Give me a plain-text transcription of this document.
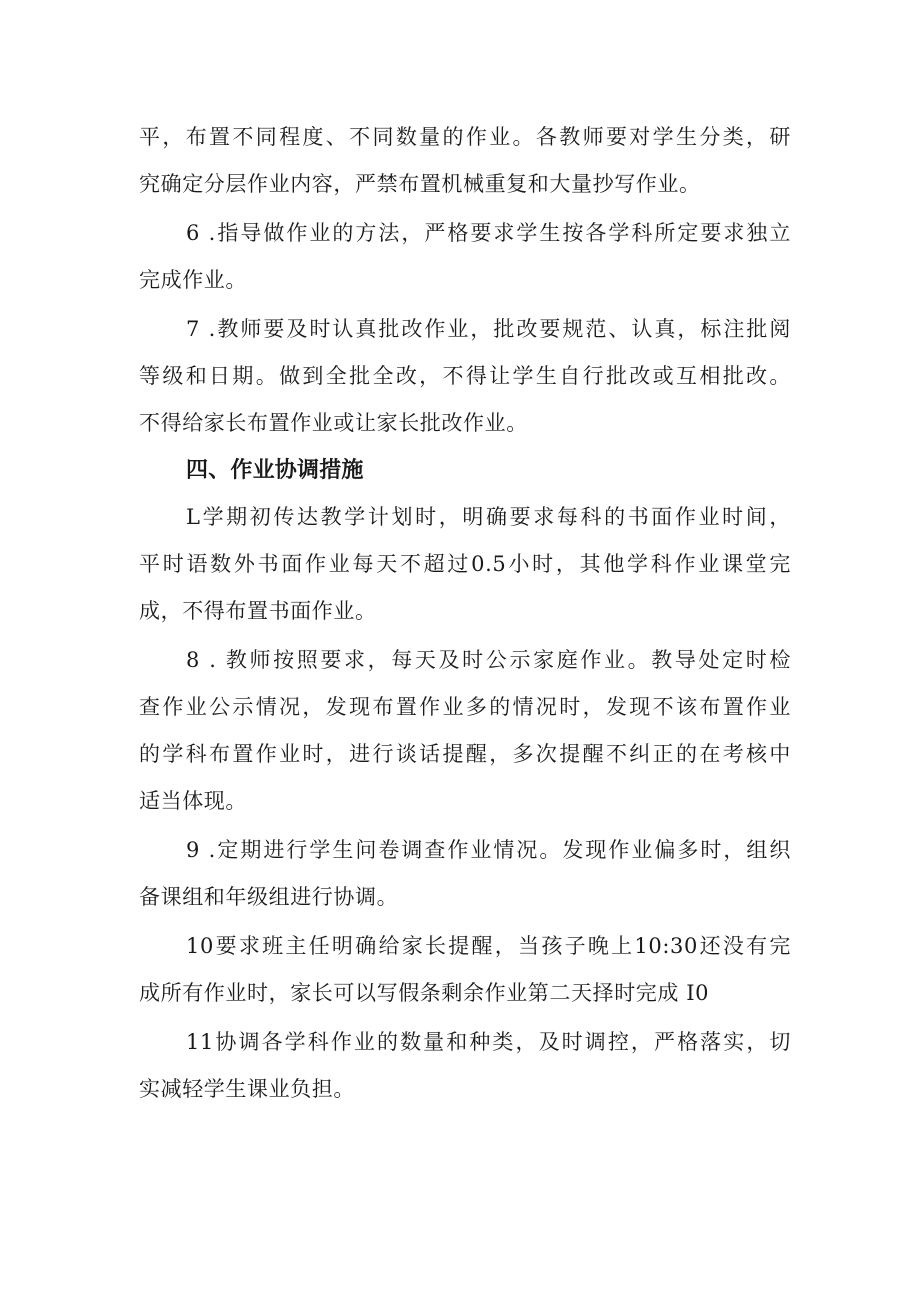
平，布置不同程度、不同数量的作业。各教师要对学生分类，研
究确定分层作业内容，严禁布置机械重复和大量抄写作业。
6 .指导做作业的方法，严格要求学生按各学科所定要求独立
完成作业。
7 .教师要及时认真批改作业，批改要规范、认真，标注批阅
等级和日期。做到全批全改，不得让学生自行批改或互相批改。
不得给家长布置作业或让家长批改作业。
四、作业协调措施
L学期初传达教学计划时，明确要求每科的书面作业时间，
平时语数外书面作业每天不超过0.5小时，其他学科作业课堂完
成，不得布置书面作业。
8 . 教师按照要求，每天及时公示家庭作业。教导处定时检
查作业公示情况，发现布置作业多的情况时，发现不该布置作业
的学科布置作业时，进行谈话提醒，多次提醒不纠正的在考核中
适当体现。
9 .定期进行学生问卷调查作业情况。发现作业偏多时，组织
备课组和年级组进行协调。
10要求班主任明确给家长提醒，当孩子晚上10:30还没有完
成所有作业时，家长可以写假条剩余作业第二天择时完成 I0
11协调各学科作业的数量和种类，及时调控，严格落实，切
实减轻学生课业负担。
